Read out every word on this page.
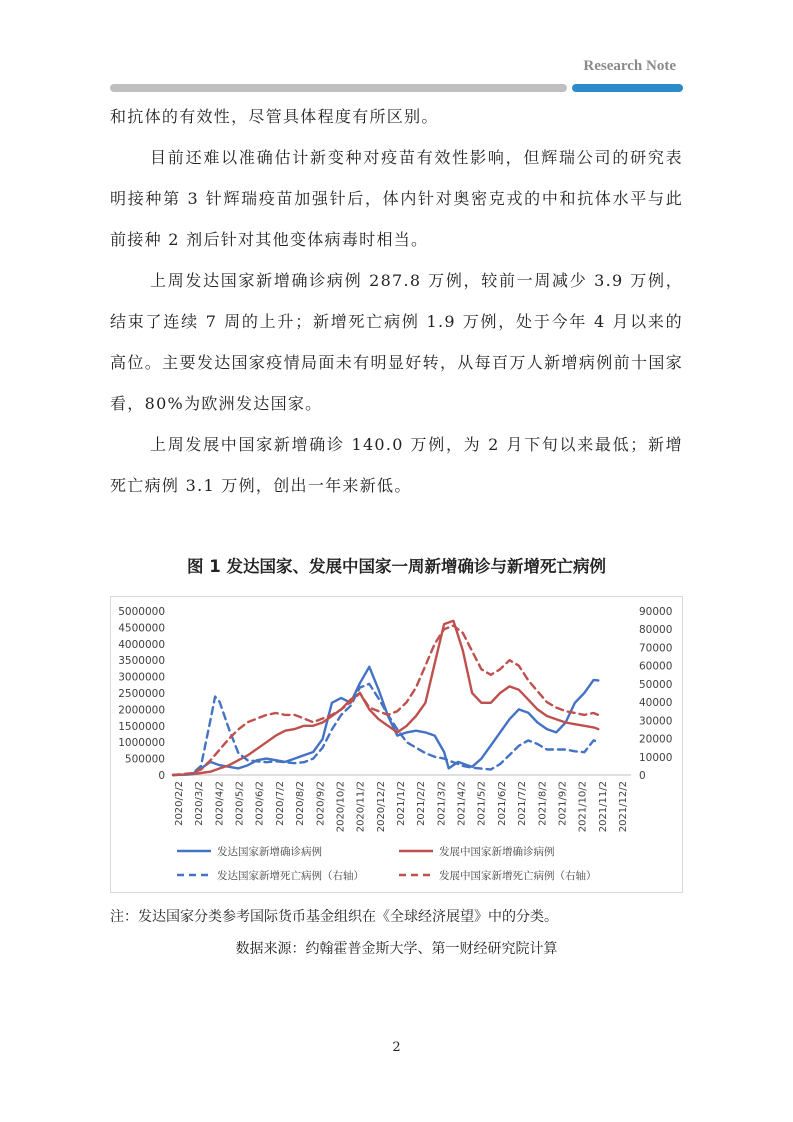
Research Note

和抗体的有效性，尽管具体程度有所区别。

目前还难以准确估计新变种对疫苗有效性影响，但辉瑞公司的研究表明接种第 3 针辉瑞疫苗加强针后，体内针对奥密克戎的中和抗体水平与此前接种 2 剂后针对其他变体病毒时相当。

上周发达国家新增确诊病例 287.8 万例，较前一周减少 3.9 万例，结束了连续 7 周的上升；新增死亡病例 1.9 万例，处于今年 4 月以来的高位。主要发达国家疫情局面未有明显好转，从每百万人新增病例前十国家看，80%为欧洲发达国家。

上周发展中国家新增确诊 140.0 万例，为 2 月下旬以来最低；新增死亡病例 3.1 万例，创出一年来新低。

图 1 发达国家、发展中国家一周新增确诊与新增死亡病例
0
500000
1000000
1500000
2000000
2500000
3000000
3500000
4000000
4500000
5000000
0
10000
20000
30000
40000
50000
60000
70000
80000
90000
2020/2/2 2020/3/2 2020/4/2 2020/5/2 2020/6/2 2020/7/2 2020/8/2 2020/9/2 2020/10/2 2020/11/2 2020/12/2 2021/1/2 2021/2/2 2021/3/2 2021/4/2 2021/5/2 2021/6/2 2021/7/2 2021/8/2 2021/9/2 2021/10/2 2021/11/2 2021/12/2
发达国家新增确诊病例	发展中国家新增确诊病例
发达国家新增死亡病例（右轴）	发展中国家新增死亡病例（右轴）
注：发达国家分类参考国际货币基金组织在《全球经济展望》中的分类。
数据来源：约翰霍普金斯大学、第一财经研究院计算
2
